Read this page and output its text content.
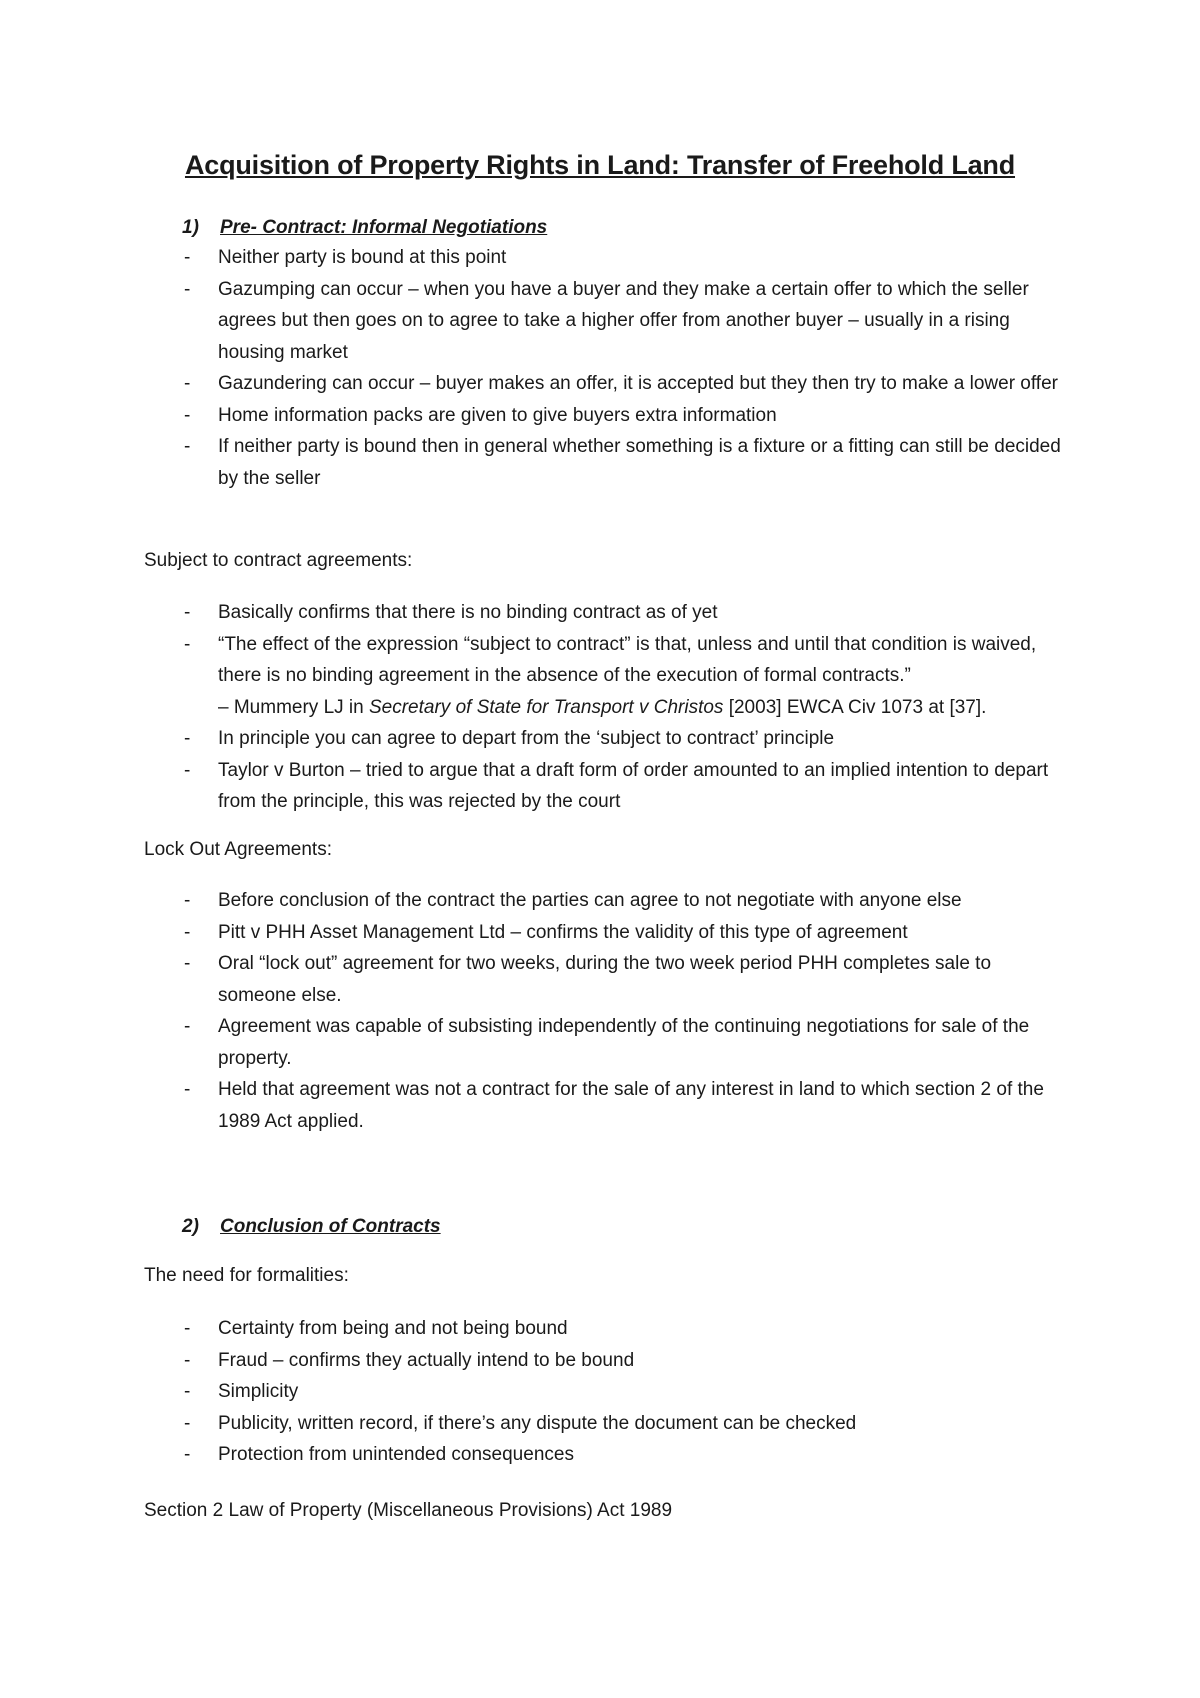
Acquisition of Property Rights in Land: Transfer of Freehold Land
1) Pre- Contract: Informal Negotiations
- Neither party is bound at this point
- Gazumping can occur – when you have a buyer and they make a certain offer to which the seller agrees but then goes on to agree to take a higher offer from another buyer – usually in a rising housing market
- Gazundering can occur – buyer makes an offer, it is accepted but they then try to make a lower offer
- Home information packs are given to give buyers extra information
- If neither party is bound then in general whether something is a fixture or a fitting can still be decided by the seller

Subject to contract agreements:

- Basically confirms that there is no binding contract as of yet
- “The effect of the expression “subject to contract” is that, unless and until that condition is waived, there is no binding agreement in the absence of the execution of formal contracts.”
– Mummery LJ in Secretary of State for Transport v Christos [2003] EWCA Civ 1073 at [37].
- In principle you can agree to depart from the ‘subject to contract’ principle
- Taylor v Burton – tried to argue that a draft form of order amounted to an implied intention to depart from the principle, this was rejected by the court

Lock Out Agreements:

- Before conclusion of the contract the parties can agree to not negotiate with anyone else
- Pitt v PHH Asset Management Ltd – confirms the validity of this type of agreement
- Oral “lock out” agreement for two weeks, during the two week period PHH completes sale to someone else.
- Agreement was capable of subsisting independently of the continuing negotiations for sale of the property.
- Held that agreement was not a contract for the sale of any interest in land to which section 2 of the 1989 Act applied.
2) Conclusion of Contracts

The need for formalities:

- Certainty from being and not being bound
- Fraud – confirms they actually intend to be bound
- Simplicity
- Publicity, written record, if there’s any dispute the document can be checked
- Protection from unintended consequences

Section 2 Law of Property (Miscellaneous Provisions) Act 1989
